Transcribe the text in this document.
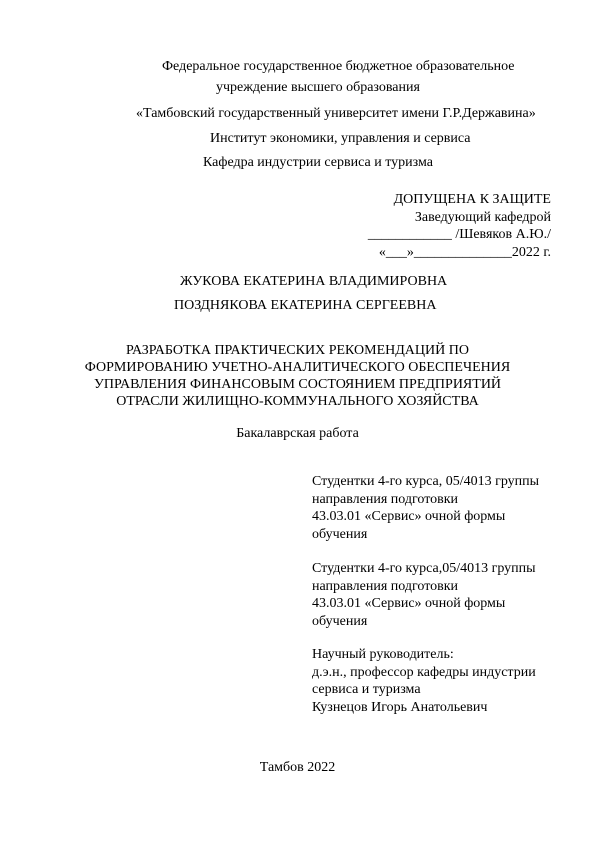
Федеральное государственное бюджетное образовательное
учреждение высшего образования
«Тамбовский государственный университет имени Г.Р.Державина»
Институт экономики, управления и сервиса
Кафедра индустрии сервиса и туризма
ДОПУЩЕНА К ЗАЩИТЕ
Заведующий кафедрой
____________ /Шевяков А.Ю./
«___»______________2022 г.
ЖУКОВА ЕКАТЕРИНА ВЛАДИМИРОВНА
ПОЗДНЯКОВА ЕКАТЕРИНА СЕРГЕЕВНА
РАЗРАБОТКА ПРАКТИЧЕСКИХ РЕКОМЕНДАЦИЙ ПО
ФОРМИРОВАНИЮ УЧЕТНО-АНАЛИТИЧЕСКОГО ОБЕСПЕЧЕНИЯ
УПРАВЛЕНИЯ ФИНАНСОВЫМ СОСТОЯНИЕМ ПРЕДПРИЯТИЙ
ОТРАСЛИ ЖИЛИЩНО-КОММУНАЛЬНОГО ХОЗЯЙСТВА
Бакалаврская работа
Студентки 4-го курса, 05/4013 группы
направления подготовки
43.03.01 «Сервис» очной формы
обучения
Студентки 4-го курса,05/4013 группы
направления подготовки
43.03.01 «Сервис» очной формы
обучения
Научный руководитель:
д.э.н., профессор кафедры индустрии
сервиса и туризма
Кузнецов Игорь Анатольевич
Тамбов 2022
